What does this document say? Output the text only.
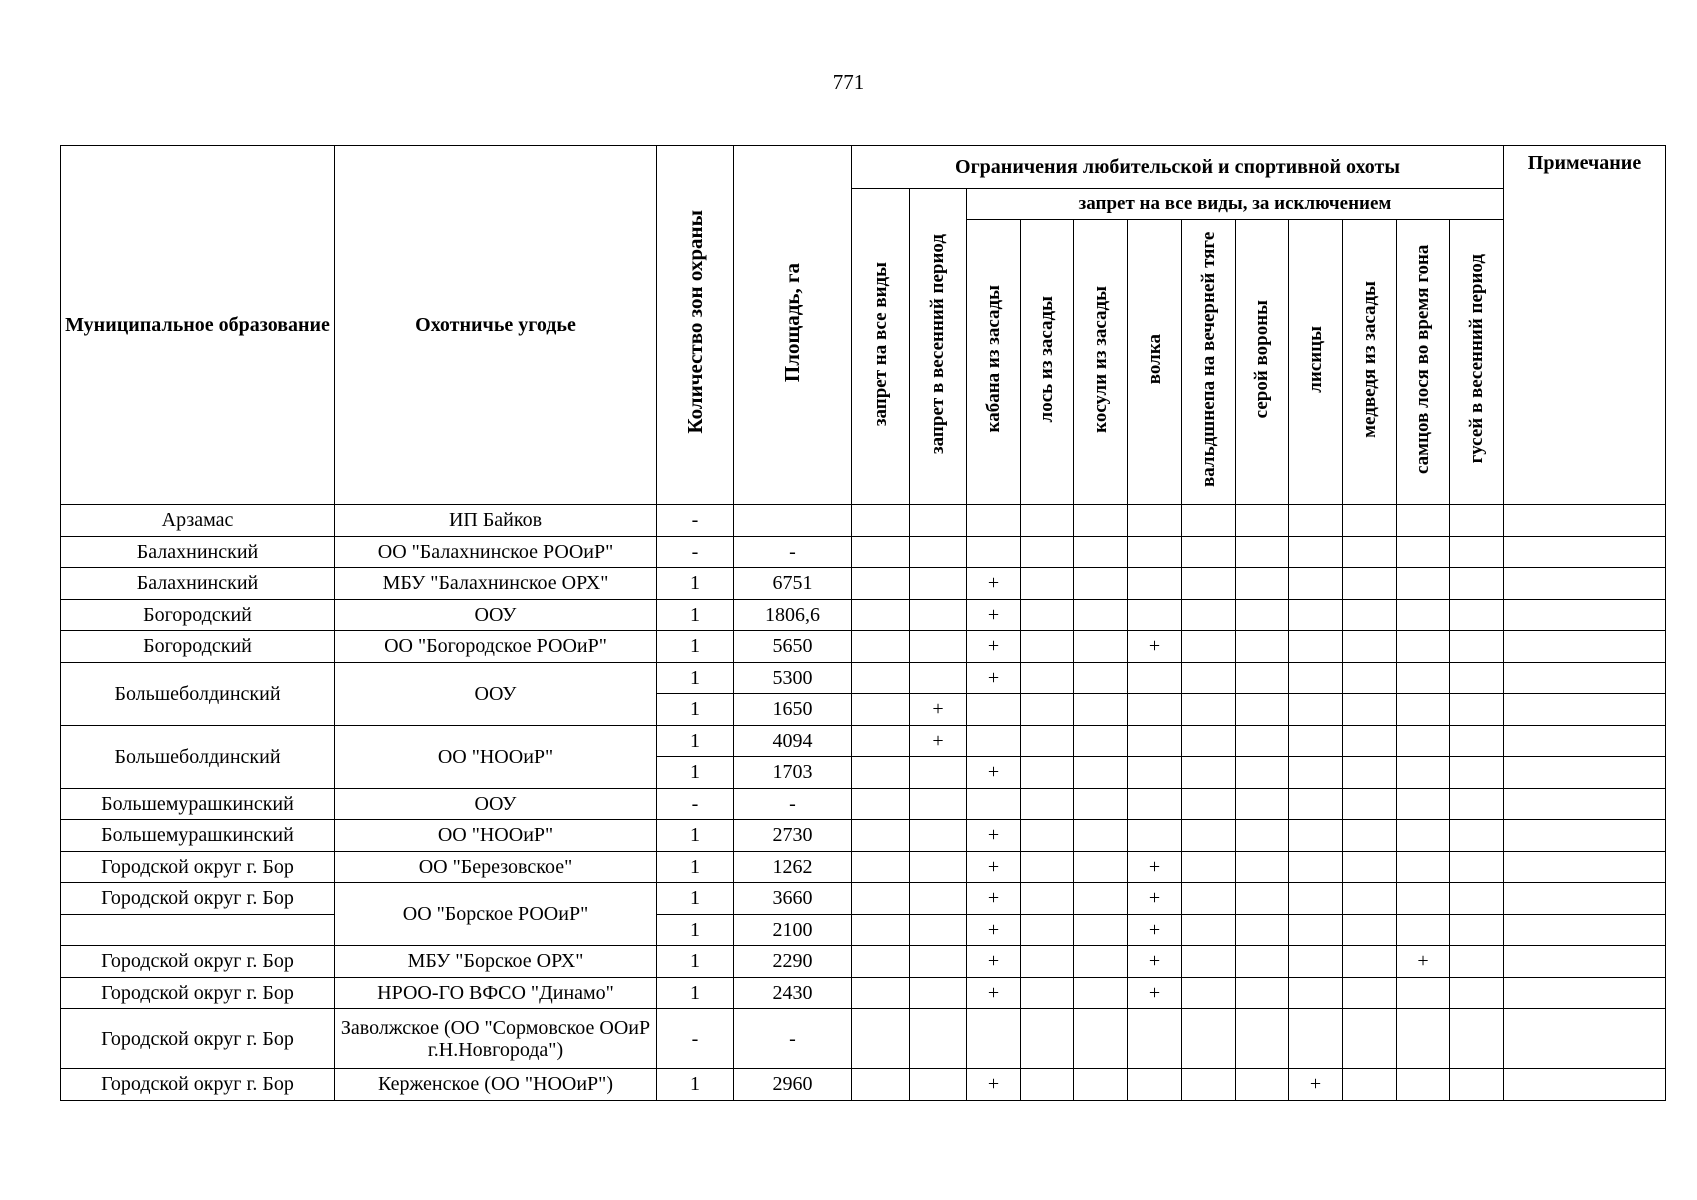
771
Муниципальное образование	Охотничье угодье	Количество зон охраны	Площадь, га	Ограничения любительской и спортивной охоты												Примечание
				запрет на все виды	запрет в весенний период	запрет на все виды, за исключением										
						кабана из засады	лось из засады	косули из засады	волка	вальдшнепа на вечерней тяге	серой вороны	лисицы	медведя из засады	самцов лося во время гона	гусей в весенний период	
Арзамас	ИП Байков	-														
Балахнинский	ОО "Балахнинское РООиР"	-	-													
Балахнинский	МБУ "Балахнинское ОРХ"	1	6751			+										
Богородский	ООУ	1	1806,6			+										
Богородский	ОО "Богородское РООиР"	1	5650			+			+							
Большеболдинский	ООУ	1	5300			+										
		1	1650		+											
Большеболдинский	ОО "НООиР"	1	4094		+											
		1	1703			+										
Большемурашкинский	ООУ	-	-													
Большемурашкинский	ОО "НООиР"	1	2730			+										
Городской округ г. Бор	ОО "Березовское"	1	1262			+			+							
Городской округ г. Бор	ОО "Борское РООиР"	1	3660			+			+							
		1	2100			+			+							
Городской округ г. Бор	МБУ "Борское ОРХ"	1	2290			+			+					+		
Городской округ г. Бор	НРОО-ГО ВФСО "Динамо"	1	2430			+			+							
Городской округ г. Бор	Заволжское (ОО "Сормовское ООиР г.Н.Новгорода")	-	-													
Городской округ г. Бор	Керженское (ОО "НООиР")	1	2960			+						+				
